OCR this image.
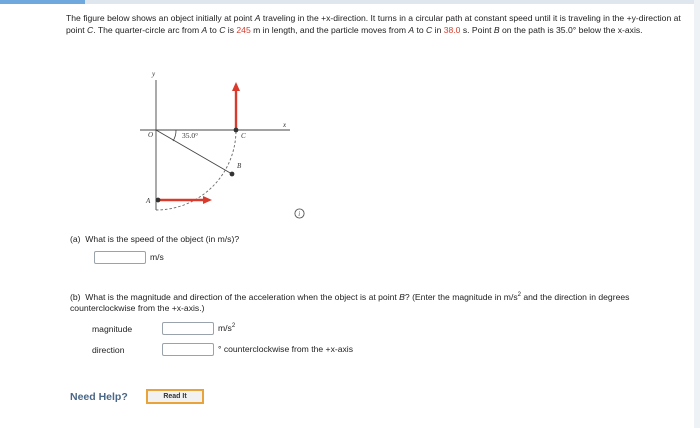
The figure below shows an object initially at point A traveling in the +x-direction. It turns in a circular path at constant speed until it is traveling in the +y-direction at point C. The quarter-circle arc from A to C is 245 m in length, and the particle moves from A to C in 38.0 s. Point B on the path is 35.0° below the x-axis.
y
x
O	35.0°
A
B
C
i
(a) What is the speed of the object (in m/s)?
m/s
(b) What is the magnitude and direction of the acceleration when the object is at point B? (Enter the magnitude in $m/s^2$ and the direction in degrees counterclockwise from the +x-axis.)
magnitude	$m/s^2$
direction	° counterclockwise from the +x-axis
Need Help?	Read It
